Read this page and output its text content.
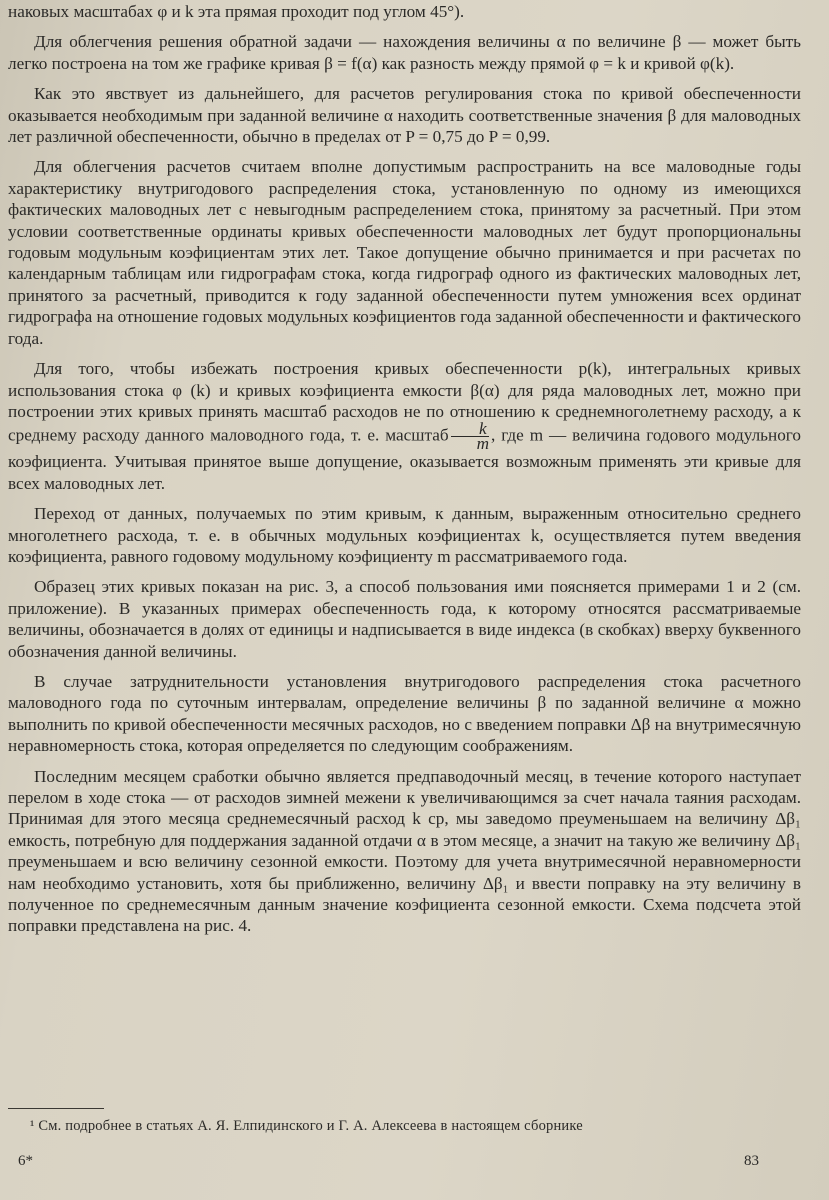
наковых масштабах φ и k эта прямая проходит под углом 45°).

Для облегчения решения обратной задачи — нахождения величины α по величине β — может быть легко построена на том же графике кривая β = f(α) как разность между прямой φ = k и кривой φ(k).

Как это явствует из дальнейшего, для расчетов регулирования стока по кривой обеспеченности оказывается необходимым при заданной величине α находить соответственные значения β для маловодных лет различной обеспеченности, обычно в пределах от P = 0,75 до P = 0,99.

Для облегчения расчетов считаем вполне допустимым распространить на все маловодные годы характеристику внутригодового распределения стока, установленную по одному из имеющихся фактических маловодных лет с невыгодным распределением стока, принятому за расчетный. При этом условии соответственные ординаты кривых обеспеченности маловодных лет будут пропорциональны годовым модульным коэфициентам этих лет. Такое допущение обычно принимается и при расчетах по календарным таблицам или гидрографам стока, когда гидрограф одного из фактических маловодных лет, принятого за расчетный, приводится к году заданной обеспеченности путем умножения всех ординат гидрографа на отношение годовых модульных коэфициентов года заданной обеспеченности и фактического года.

Для того, чтобы избежать построения кривых обеспеченности p(k), интегральных кривых использования стока φ (k) и кривых коэфициента емкости β(α) для ряда маловодных лет, можно при построении этих кривых принять масштаб расходов не по отношению к среднемноголетнему расходу, а к среднему расходу данного маловодного года, т. е. масштаб $\frac{k}{m}$ , где m — величина годового модульного коэфициента. Учитывая принятое выше допущение, оказывается возможным применять эти кривые для всех маловодных лет.

Переход от данных, получаемых по этим кривым, к данным, выраженным относительно среднего многолетнего расхода, т. е. в обычных модульных коэфициентах k, осуществляется путем введения коэфициента, равного годовому модульному коэфициенту m рассматриваемого года.

Образец этих кривых показан на рис. 3, а способ пользования ими поясняется примерами 1 и 2 (см. приложение). В указанных примерах обеспеченность года, к которому относятся рассматриваемые величины, обозначается в долях от единицы и надписывается в виде индекса (в скобках) вверху буквенного обозначения данной величины.

В случае затруднительности установления внутригодового распределения стока расчетного маловодного года по суточным интервалам, определение величины β по заданной величине α можно выполнить по кривой обеспеченности месячных расходов, но с введением поправки Δβ на внутримесячную неравномерность стока, которая определяется по следующим соображениям.

Последним месяцем сработки обычно является предпаводочный месяц, в течение которого наступает перелом в ходе стока — от расходов зимней межени к увеличивающимся за счет начала таяния расходам. Принимая для этого месяца среднемесячный расход k ср, мы заведомо преуменьшаем на величину Δβ₁ емкость, потребную для поддержания заданной отдачи α в этом месяце, а значит на такую же величину Δβ₁ преуменьшаем и всю величину сезонной емкости. Поэтому для учета внутримесячной неравномерности нам необходимо установить, хотя бы приближенно, величину Δβ₁ и ввести поправку на эту величину в полученное по среднемесячным данным значение коэфициента сезонной емкости. Схема подсчета этой поправки представлена на рис. 4.

¹ См. подробнее в статьях А. Я. Елпидинского и Г. А. Алексеева в настоящем сборнике
6*	83
